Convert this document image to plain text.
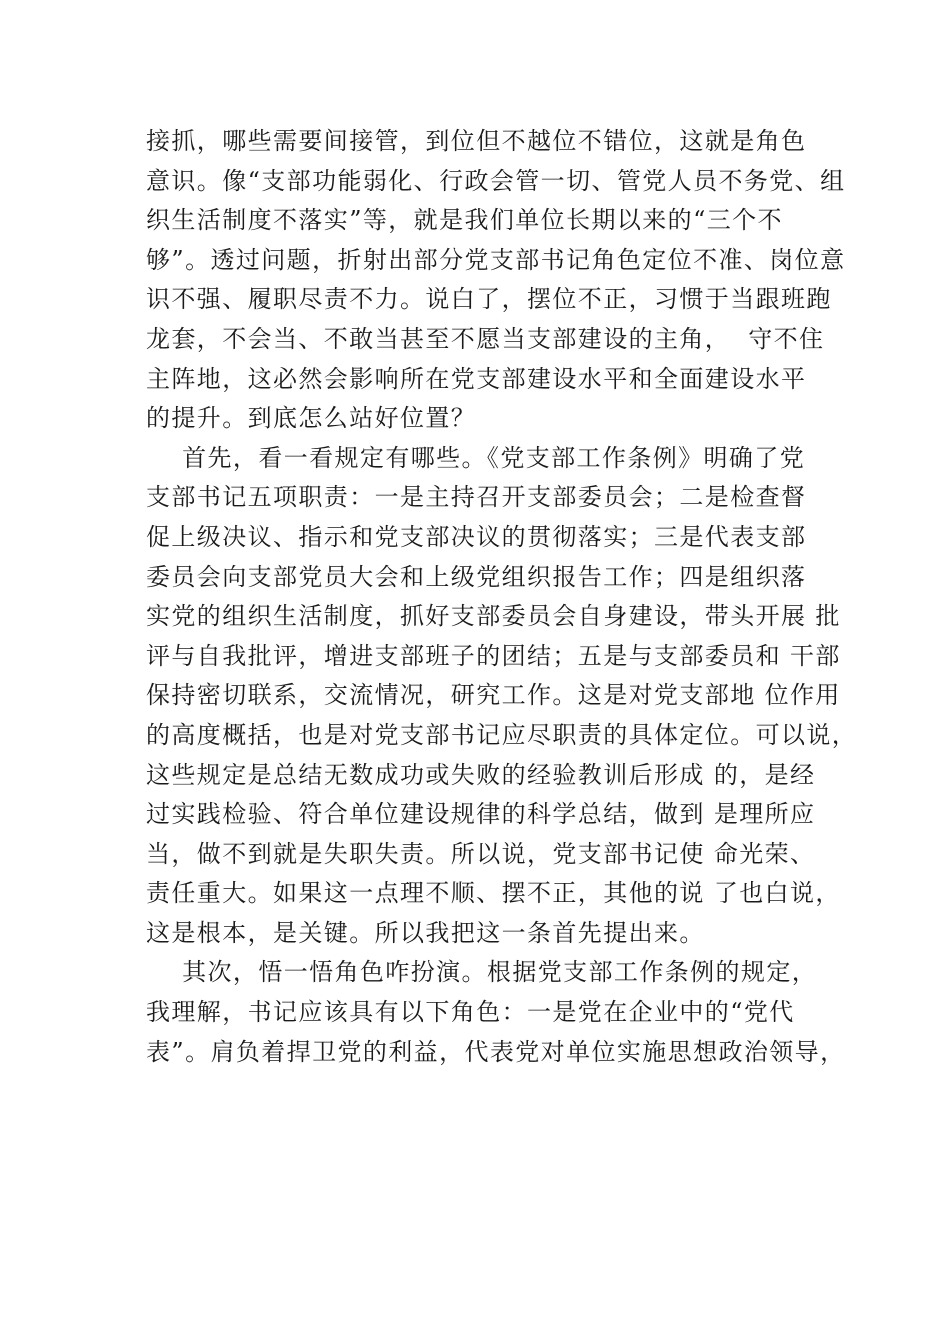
接抓，哪些需要间接管，到位但不越位不错位，这就是角色
意识。像“支部功能弱化、行政会管一切、管党人员不务党、组
织生活制度不落实”等，就是我们单位长期以来的“三个不
够”。透过问题，折射出部分党支部书记角色定位不准、岗位意
识不强、履职尽责不力。说白了，摆位不正，习惯于当跟班跑
龙套，不会当、不敢当甚至不愿当支部建设的主角，  守不住
主阵地，这必然会影响所在党支部建设水平和全面建设水平
的提升。到底怎么站好位置？
首先，看一看规定有哪些。《党支部工作条例》明确了党
支部书记五项职责：一是主持召开支部委员会；二是检查督
促上级决议、指示和党支部决议的贯彻落实；三是代表支部
委员会向支部党员大会和上级党组织报告工作；四是组织落
实党的组织生活制度，抓好支部委员会自身建设，带头开展 批
评与自我批评，增进支部班子的团结；五是与支部委员和 干部
保持密切联系，交流情况，研究工作。这是对党支部地 位作用
的高度概括，也是对党支部书记应尽职责的具体定位。可以说，
这些规定是总结无数成功或失败的经验教训后形成 的，是经
过实践检验、符合单位建设规律的科学总结，做到 是理所应
当，做不到就是失职失责。所以说，党支部书记使 命光荣、
责任重大。如果这一点理不顺、摆不正，其他的说 了也白说，
这是根本，是关键。所以我把这一条首先提出来。
其次，悟一悟角色咋扮演。根据党支部工作条例的规定，
我理解，书记应该具有以下角色：一是党在企业中的“党代
表”。肩负着捍卫党的利益，代表党对单位实施思想政治领导，
